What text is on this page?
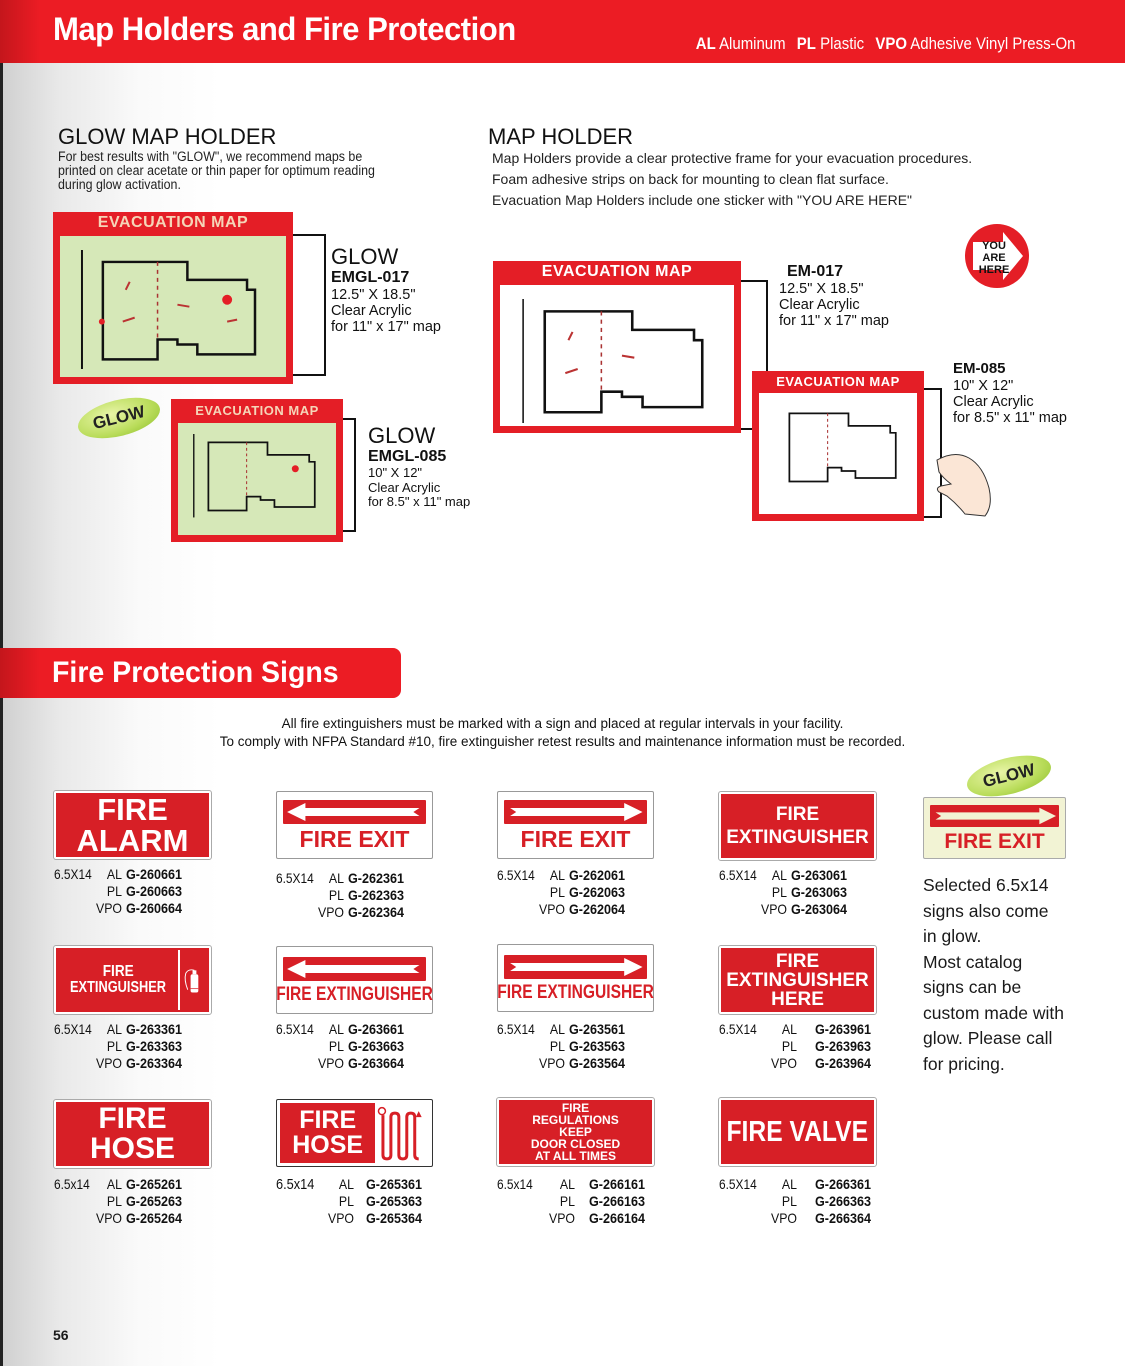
Map Holders and Fire Protection	AL Aluminum PL Plastic VPO Adhesive Vinyl Press-On
GLOW MAP HOLDER
For best results with "GLOW", we recommend maps be
printed on clear acetate or thin paper for optimum reading
during glow activation.
EVACUATION MAP
GLOW
EMGL-017
12.5" X 18.5"
Clear Acrylic
for 11" x 17" map
GLOW	EVACUATION MAP
GLOW
EMGL-085
10" X 12"
Clear Acrylic
for 8.5" x 11" map
MAP HOLDER
Map Holders provide a clear protective frame for your evacuation procedures.
Foam adhesive strips on back for mounting to clean flat surface.
Evacuation Map Holders include one sticker with "YOU ARE HERE"
YOU ARE
HERE
EVACUATION MAP	EM-017
12.5" X 18.5"
Clear Acrylic
for 11" x 17" map
EVACUATION MAP
EM-085
10" X 12"
Clear Acrylic
for 8.5" x 11" map
Fire Protection Signs
All fire extinguishers must be marked with a sign and placed at regular intervals in your facility.
To comply with NFPA Standard #10, fire extinguisher retest results and maintenance information must be recorded.
FIRE
ALARM
6.5X14 AL G-260661
PL G-260663
VPO G-260664
FIRE EXIT
6.5X14 AL G-262361
PL G-262363
VPO G-262364
FIRE EXIT
6.5X14 AL G-262061
PL G-262063
VPO G-262064
FIRE
EXTINGUISHER
6.5X14 AL G-263061
PL G-263063
VPO G-263064
GLOW
FIRE EXIT
Selected 6.5x14
signs also come
in glow.
Most catalog
signs can be
custom made with
glow. Please call
for pricing.
FIRE
EXTINGUISHER
6.5X14 AL G-263361
PL G-263363
VPO G-263364
FIRE EXTINGUISHER
6.5X14 AL G-263661
PL G-263663
VPO G-263664
FIRE EXTINGUISHER
6.5X14 AL G-263561
PL G-263563
VPO G-263564
FIRE
EXTINGUISHER
HERE
6.5X14	AL G-263961
PL G-263963
VPO G-263964
FIRE
HOSE
6.5x14	AL G-265261
PL G-265263
VPO G-265264
FIRE
HOSE
6.5x14	AL G-265361
PL G-265363
VPO G-265364
FIRE
REGULATIONS
KEEP
DOOR CLOSED
AT ALL TIMES
6.5x14	AL G-266161
PL G-266163
VPO G-266164
FIRE VALVE
6.5X14	AL G-266361
PL G-266363
VPO G-266364
56
